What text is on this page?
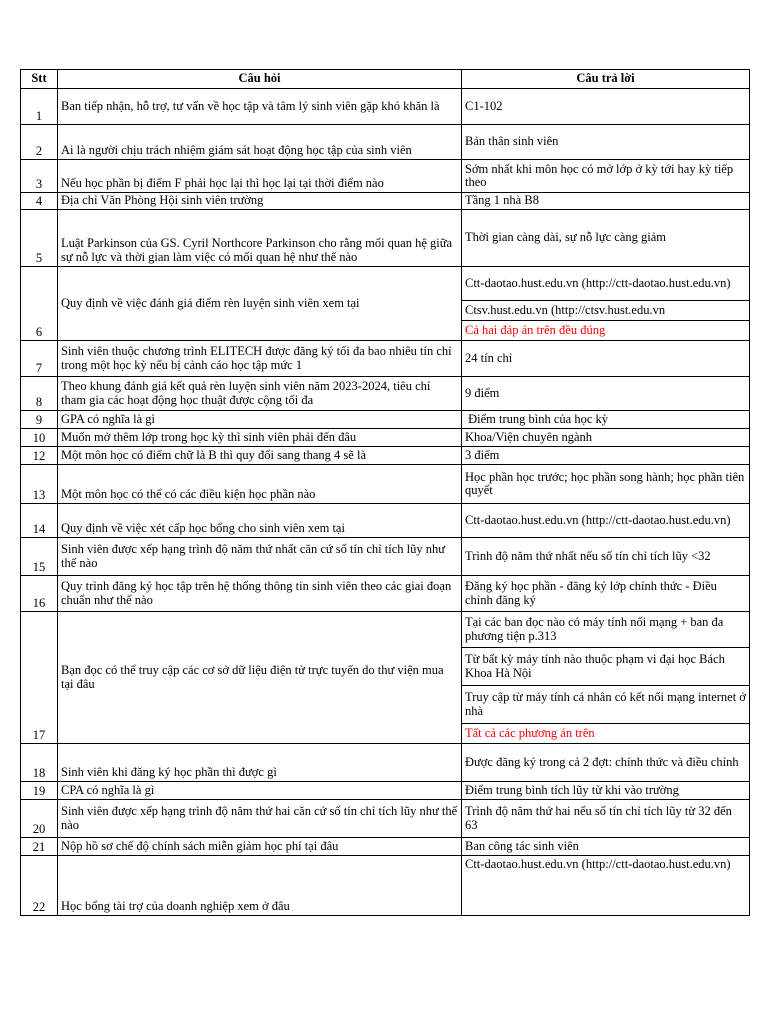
Stt	Câu hỏi	Câu trả lời
1	Ban tiếp nhận, hỗ trợ, tư vấn về học tập và tâm lý sinh viên gặp khó khăn là	C1-102
2	Ai là người chịu trách nhiệm giám sát hoạt động học tập của sinh viên	Bản thân sinh viên
3	Nếu học phần bị điểm F phải học lại thì học lại tại thời điểm nào	Sớm nhất khi môn học có mở lớp ở kỳ tới hay kỳ tiếp theo
4	Địa chỉ Văn Phòng Hội sinh viên trường	Tầng 1 nhà B8
5	Luật Parkinson của GS. Cyril Northcore Parkinson cho rằng mối quan hệ giữa sự nỗ lực và thời gian làm việc có mối quan hệ như thế nào	Thời gian càng dài, sự nỗ lực càng giảm
6	Quy định về việc đánh giá điểm rèn luyện sinh viên xem tại	Ctt-daotao.hust.edu.vn (http://ctt-daotao.hust.edu.vn)
		Ctsv.hust.edu.vn (http://ctsv.hust.edu.vn
		Cả hai đáp án trên đều đúng
7	Sinh viên thuộc chương trình ELITECH được đăng ký tối đa bao nhiêu tín chỉ trong một học kỳ nếu bị cảnh cáo học tập mức 1	24 tín chỉ
8	Theo khung đánh giá kết quả rèn luyện sinh viên năm 2023-2024, tiêu chí tham gia các hoạt động học thuật được cộng tối đa	9 điểm
9	GPA có nghĩa là gì	Điểm trung bình của học kỳ
10	Muốn mở thêm lớp trong học kỳ thì sinh viên phải đến đâu	Khoa/Viện chuyên ngành
12	Một môn học có điểm chữ là B thì quy đổi sang thang 4 sẽ là	3 điểm
13	Một môn học có thể có các điều kiện học phần nào	Học phần học trước; học phần song hành; học phần tiên quyết
14	Quy định về việc xét cấp học bổng cho sinh viên xem tại	Ctt-daotao.hust.edu.vn (http://ctt-daotao.hust.edu.vn)
15	Sinh viên được xếp hạng trình độ năm thứ nhất căn cứ số tín chỉ tích lũy như thế nào	Trình độ năm thứ nhất nếu số tín chỉ tích lũy <32
16	Quy trình đăng ký học tập trên hệ thống thông tin sinh viên theo các giai đoạn chuẩn như thế nào	Đăng ký học phần - đăng ký lớp chính thức - Điều chỉnh đăng ký
17	Bạn đọc có thể truy cập các cơ sở dữ liệu điện tử trực tuyến do thư viện mua tại đâu	Tại các ban đọc nào có máy tính nối mạng + ban đa phương tiện p.313
		Từ bất kỳ máy tính nào thuộc phạm vi đại học Bách Khoa Hà Nội
		Truy cập từ máy tính cá nhân có kết nối mạng internet ở nhà
		Tất cả các phương án trên
18	Sinh viên khi đăng ký học phần thì được gì	Được đăng ký trong cả 2 đợt: chính thức và điều chỉnh
19	CPA có nghĩa là gì	Điểm trung bình tích lũy từ khi vào trường
20	Sinh viên được xếp hạng trình độ năm thứ hai căn cứ số tín chỉ tích lũy như thế nào	Trình độ năm thứ hai nếu số tín chỉ tích lũy từ 32 đến 63
21	Nộp hồ sơ chế độ chính sách miễn giảm học phí tại đâu	Ban công tác sinh viên
22	Học bổng tài trợ của doanh nghiệp xem ở đâu	Ctt-daotao.hust.edu.vn (http://ctt-daotao.hust.edu.vn)
